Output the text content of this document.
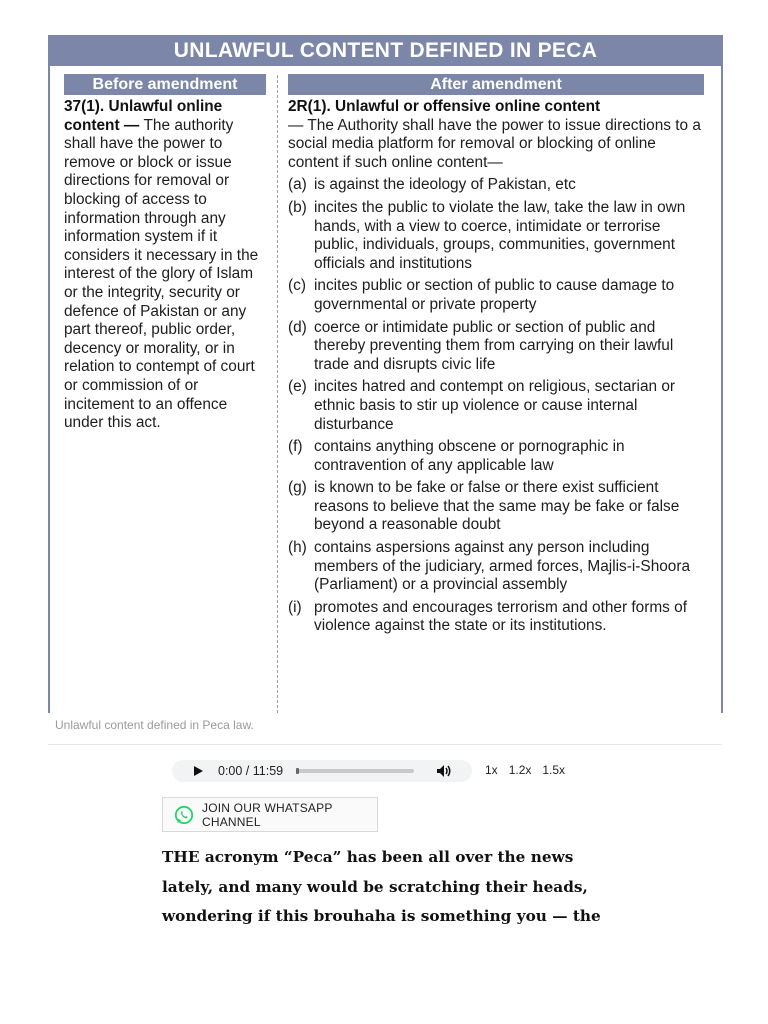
UNLAWFUL CONTENT DEFINED IN PECA
Before amendment
37(1). Unlawful online content — The authority shall have the power to remove or block or issue directions for removal or blocking of access to information through any information system if it considers it necessary in the interest of the glory of Islam or the integrity, security or defence of Pakistan or any part thereof, public order, decency or morality, or in relation to contempt of court or commission of or incitement to an offence under this act.
After amendment
2R(1). Unlawful or offensive online content
— The Authority shall have the power to issue directions to a social media platform for removal or blocking of online content if such online content—
(a) is against the ideology of Pakistan, etc
(b) incites the public to violate the law, take the law in own hands, with a view to coerce, intimidate or terrorise public, individuals, groups, communities, government officials and institutions
(c) incites public or section of public to cause damage to governmental or private property
(d) coerce or intimidate public or section of public and thereby preventing them from carrying on their lawful trade and disrupts civic life
(e) incites hatred and contempt on religious, sectarian or ethnic basis to stir up violence or cause internal disturbance
(f) contains anything obscene or pornographic in contravention of any applicable law
(g) is known to be fake or false or there exist sufficient reasons to believe that the same may be fake or false beyond a reasonable doubt
(h) contains aspersions against any person including members of the judiciary, armed forces, Majlis-i-Shoora (Parliament) or a provincial assembly
(i) promotes and encourages terrorism and other forms of violence against the state or its institutions.
Unlawful content defined in Peca law.
0:00 / 11:59	1x 1.2x 1.5x
JOIN OUR WHATSAPP CHANNEL
THE acronym “Peca” has been all over the news
lately, and many would be scratching their heads,
wondering if this brouhaha is something you — the
